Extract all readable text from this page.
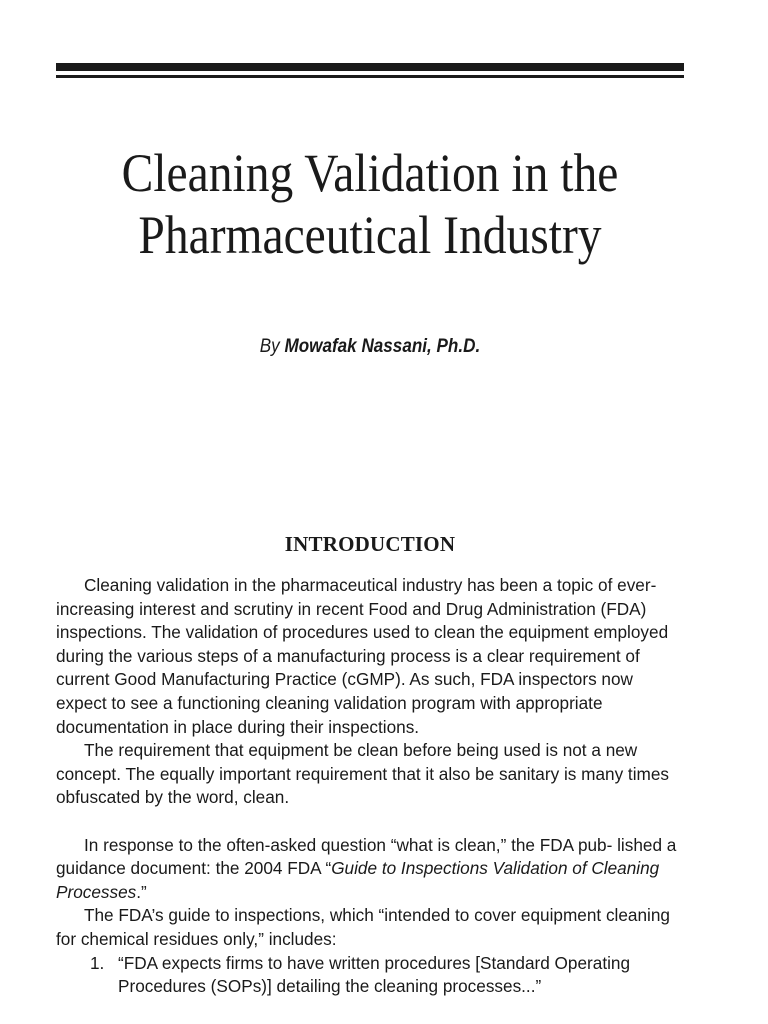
Cleaning Validation in the
Pharmaceutical Industry
By Mowafak Nassani, Ph.D.
INTRODUCTION

Cleaning validation in the pharmaceutical industry has been a topic of ever-increasing interest and scrutiny in recent Food and Drug Administration (FDA) inspections. The validation of procedures used to clean the equipment employed during the various steps of a manufacturing process is a clear requirement of current Good Manufacturing Practice (cGMP). As such, FDA inspectors now expect to see a functioning cleaning validation program with appropriate documentation in place during their inspections.

The requirement that equipment be clean before being used is not a new concept. The equally important requirement that it also be sanitary is many times obfuscated by the word, clean.

In response to the often-asked question “what is clean,” the FDA pub- lished a guidance document: the 2004 FDA “Guide to Inspections Validation of Cleaning Processes.”

The FDA’s guide to inspections, which “intended to cover equipment cleaning for chemical residues only,” includes:

1. “FDA expects firms to have written procedures [Standard Operating Procedures (SOPs)] detailing the cleaning processes...”
